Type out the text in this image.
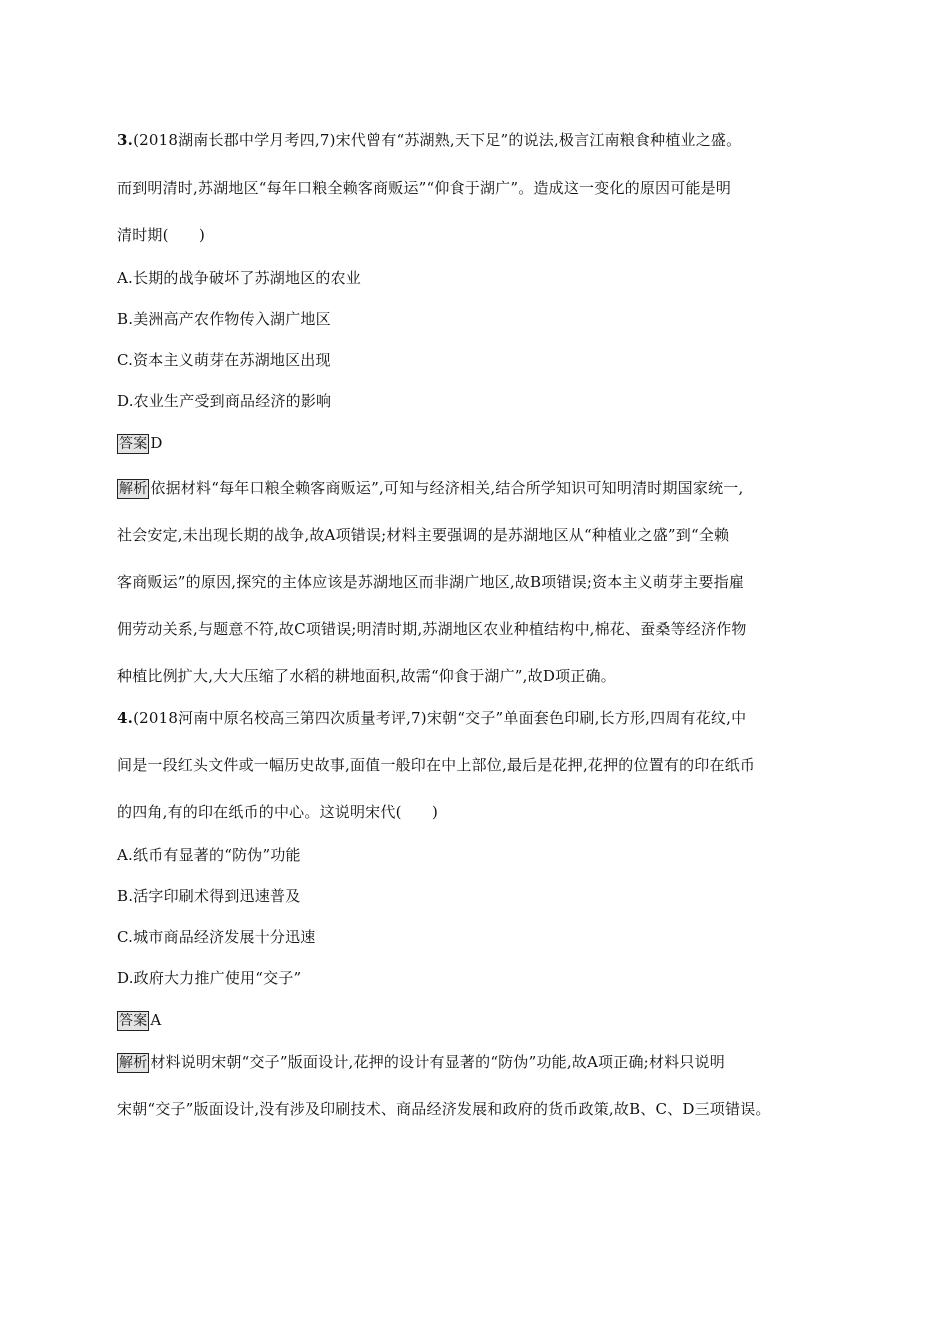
3.(2018湖南长郡中学月考四,7)宋代曾有“苏湖熟,天下足”的说法,极言江南粮食种植业之盛。
而到明清时,苏湖地区“每年口粮全赖客商贩运”“仰食于湖广”。造成这一变化的原因可能是明
清时期(　　)
A.长期的战争破坏了苏湖地区的农业
B.美洲高产农作物传入湖广地区
C.资本主义萌芽在苏湖地区出现
D.农业生产受到商品经济的影响
答案 D
解析 依据材料“每年口粮全赖客商贩运”,可知与经济相关,结合所学知识可知明清时期国家统一,
社会安定,未出现长期的战争,故A项错误;材料主要强调的是苏湖地区从“种植业之盛”到“全赖
客商贩运”的原因,探究的主体应该是苏湖地区而非湖广地区,故B项错误;资本主义萌芽主要指雇
佣劳动关系,与题意不符,故C项错误;明清时期,苏湖地区农业种植结构中,棉花、蚕桑等经济作物
种植比例扩大,大大压缩了水稻的耕地面积,故需“仰食于湖广”,故D项正确。
4.(2018河南中原名校高三第四次质量考评,7)宋朝“交子”单面套色印刷,长方形,四周有花纹,中
间是一段红头文件或一幅历史故事,面值一般印在中上部位,最后是花押,花押的位置有的印在纸币
的四角,有的印在纸币的中心。这说明宋代(　　)
A.纸币有显著的“防伪”功能
B.活字印刷术得到迅速普及
C.城市商品经济发展十分迅速
D.政府大力推广使用“交子”
答案 A
解析 材料说明宋朝“交子”版面设计,花押的设计有显著的“防伪”功能,故A项正确;材料只说明
宋朝“交子”版面设计,没有涉及印刷技术、商品经济发展和政府的货币政策,故B、C、D三项错误。
